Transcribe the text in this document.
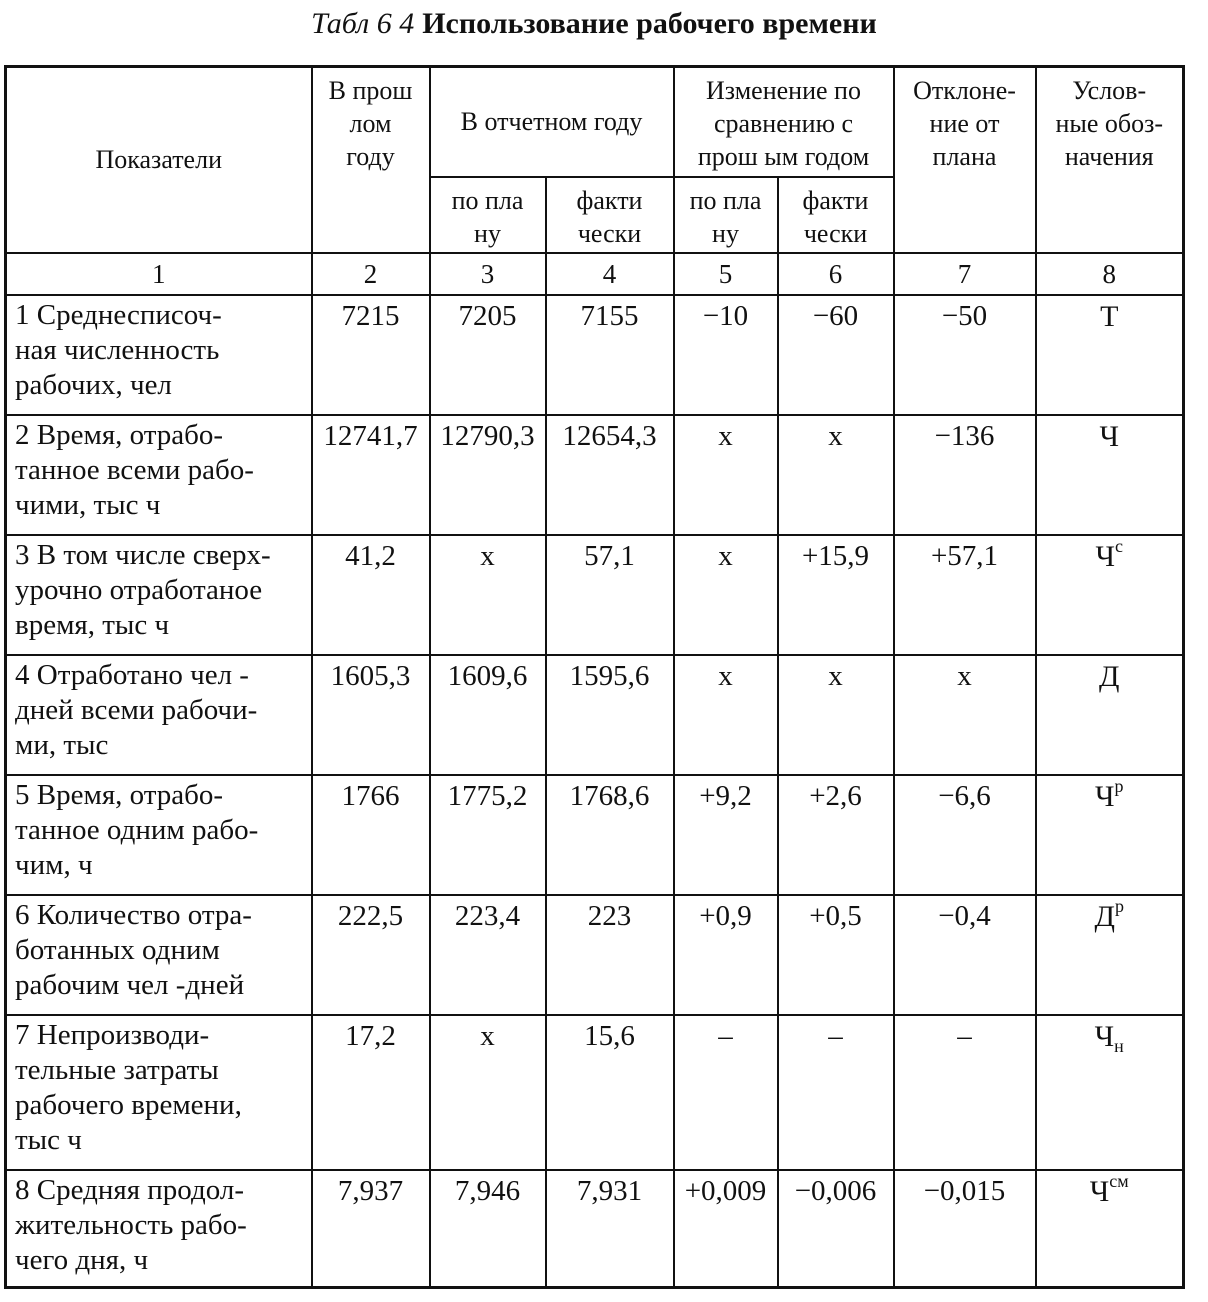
Табл 6 4 Использование рабочего времени
Показатели	В прош
лом
году	В отчетном году		Изменение по
сравнению с
прош ым годом		Отклоне-
ние от
плана	Услов-
ные обоз-
начения

		по пла
ну	факти
чески	по пла
ну	факти
чески		

1	2	3	4	5	6	7	8

1 Среднесписоч-
ная численность
рабочих, чел	7215	7205	7155	−10	−60	−50	Т

2 Время, отрабо-
танное всеми рабо-
чими, тыс ч	12741,7	12790,3	12654,3	x	x	−136	Ч

3 В том числе сверх-
урочно отработаное
время, тыс ч	41,2	x	57,1	x	+15,9	+57,1	$Ч^с$

4 Отработано чел -
дней всеми рабочи-
ми, тыс	1605,3	1609,6	1595,6	x	x	x	Д

5 Время, отрабо-
танное одним рабо-
чим, ч	1766	1775,2	1768,6	+9,2	+2,6	−6,6	$Ч^р$

6 Количество отра-
ботанных одним
рабочим чел -дней	222,5	223,4	223	+0,9	+0,5	−0,4	$Д^р$

7 Непроизводи-
тельные затраты
рабочего времени,
тыс ч	17,2	x	15,6	–	–	–	$Ч_н$

8 Средняя продол-
жительность рабо-
чего дня, ч	7,937	7,946	7,931	+0,009	−0,006	−0,015	$Ч^{см}$
